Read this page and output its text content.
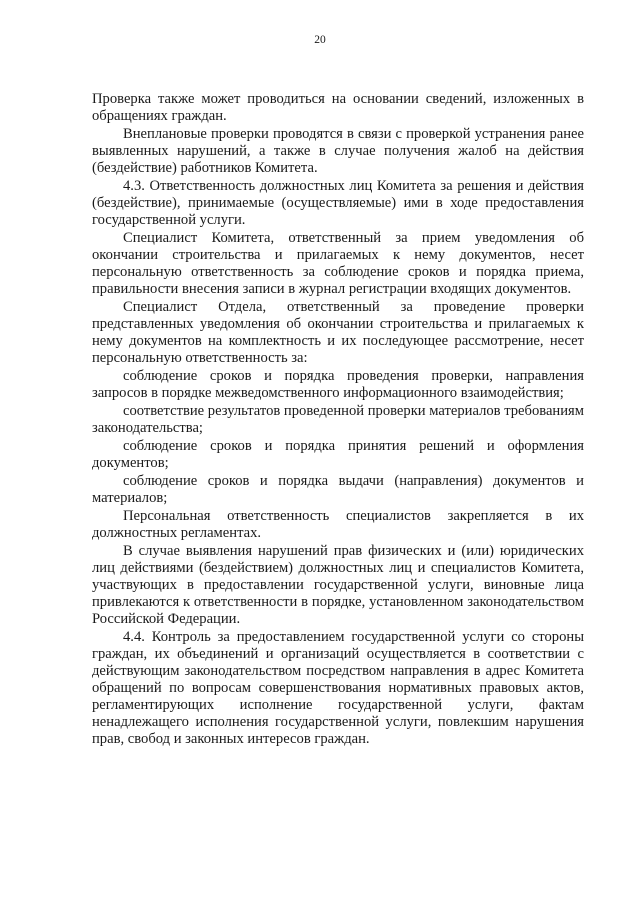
20

Проверка также может проводиться на основании сведений, изложенных в обращениях граждан.

Внеплановые проверки проводятся в связи с проверкой устранения ранее выявленных нарушений, а также в случае получения жалоб на действия (бездействие) работников Комитета.

4.3. Ответственность должностных лиц Комитета за решения и действия (бездействие), принимаемые (осуществляемые) ими в ходе предоставления государственной услуги.

Специалист Комитета, ответственный за прием уведомления об окончании строительства и прилагаемых к нему документов, несет персональную ответственность за соблюдение сроков и порядка приема, правильности внесения записи в журнал регистрации входящих документов.

Специалист Отдела, ответственный за проведение проверки представленных уведомления об окончании строительства и прилагаемых к нему документов на комплектность и их последующее рассмотрение, несет персональную ответственность за:

соблюдение сроков и порядка проведения проверки, направления запросов в порядке межведомственного информационного взаимодействия;

соответствие результатов проведенной проверки материалов требованиям законодательства;

соблюдение сроков и порядка принятия решений и оформления документов;

соблюдение сроков и порядка выдачи (направления) документов и материалов;

Персональная ответственность специалистов закрепляется в их должностных регламентах.

В случае выявления нарушений прав физических и (или) юридических лиц действиями (бездействием) должностных лиц и специалистов Комитета, участвующих в предоставлении государственной услуги, виновные лица привлекаются к ответственности в порядке, установленном законодательством Российской Федерации.

4.4. Контроль за предоставлением государственной услуги со стороны граждан, их объединений и организаций осуществляется в соответствии с действующим законодательством посредством направления в адрес Комитета обращений по вопросам совершенствования нормативных правовых актов, регламентирующих исполнение государственной услуги, фактам ненадлежащего исполнения государственной услуги, повлекшим нарушения прав, свобод и законных интересов граждан.
